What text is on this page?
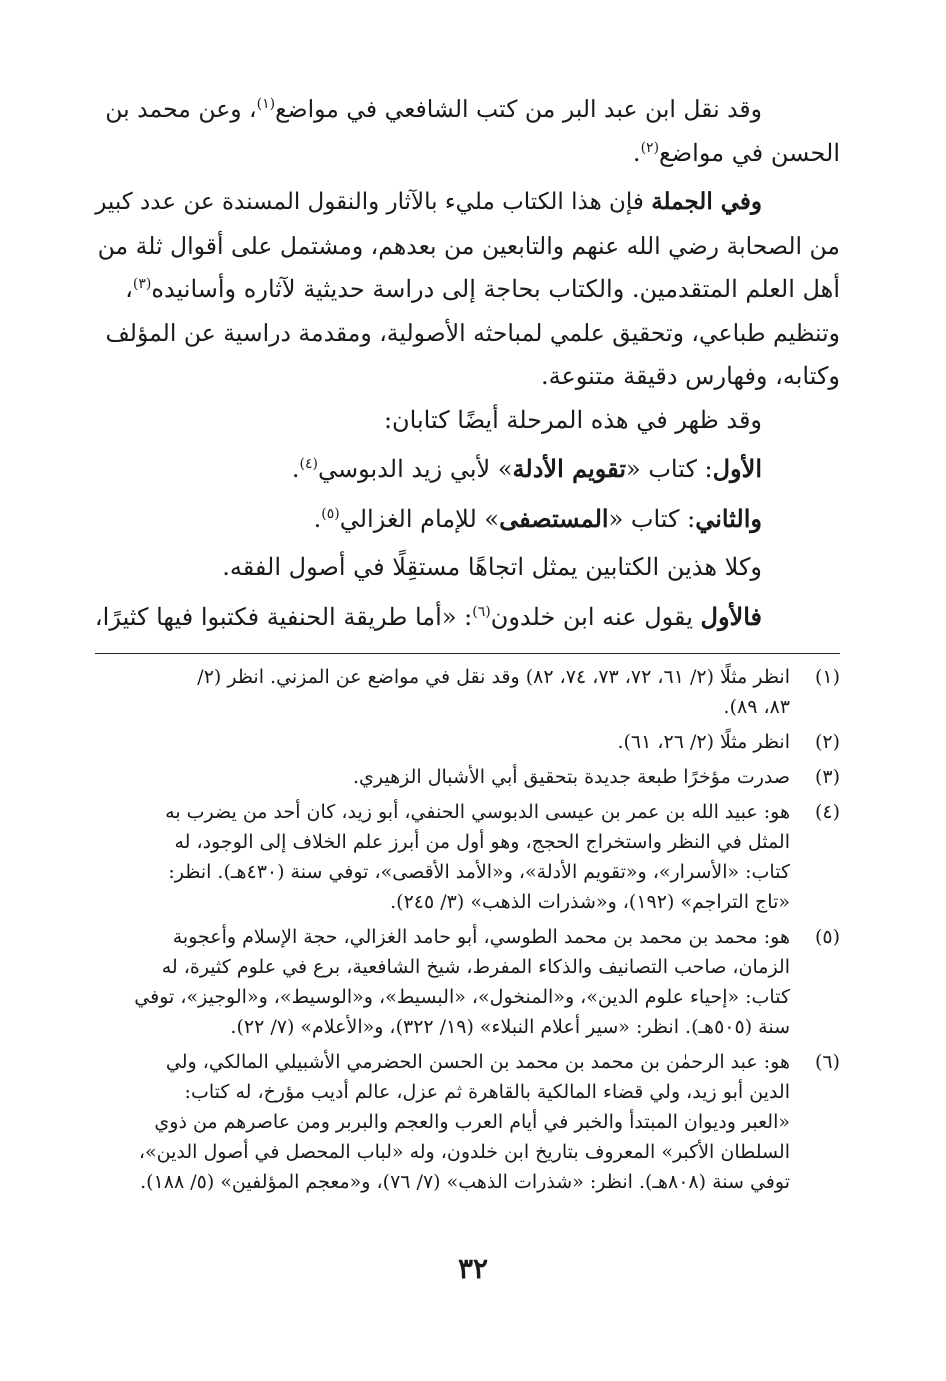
وقد نقل ابن عبد البر من كتب الشافعي في مواضع$^{(١)}$، وعن محمد بن
الحسن في مواضع$^{(٢)}$.
وفي الجملة فإن هذا الكتاب مليء بالآثار والنقول المسندة عن عدد كبير
من الصحابة رضي الله عنهم والتابعين من بعدهم، ومشتمل على أقوال ثلة من
أهل العلم المتقدمين. والكتاب بحاجة إلى دراسة حديثية لآثاره وأسانيده$^{(٣)}$،
وتنظيم طباعي، وتحقيق علمي لمباحثه الأصولية، ومقدمة دراسية عن المؤلف
وكتابه، وفهارس دقيقة متنوعة.
وقد ظهر في هذه المرحلة أيضًا كتابان:
الأول: كتاب «تقويم الأدلة» لأبي زيد الدبوسي$^{(٤)}$.
والثاني: كتاب «المستصفى» للإمام الغزالي$^{(٥)}$.
وكلا هذين الكتابين يمثل اتجاهًا مستقِلًا في أصول الفقه.
فالأول يقول عنه ابن خلدون$^{(٦)}$: «أما طريقة الحنفية فكتبوا فيها كثيرًا،
(١)
انظر مثلًا (٢/ ٦١، ٧٢، ٧٣، ٧٤، ٨٢) وقد نقل في مواضع عن المزني. انظر (٢/
٨٣، ٨٩).
(٢)
انظر مثلًا (٢/ ٢٦، ٦١).
(٣)
صدرت مؤخرًا طبعة جديدة بتحقيق أبي الأشبال الزهيري.
(٤)
هو: عبيد الله بن عمر بن عيسى الدبوسي الحنفي، أبو زيد، كان أحد من يضرب به
المثل في النظر واستخراج الحجج، وهو أول من أبرز علم الخلاف إلى الوجود، له
كتاب: «الأسرار»، و«تقويم الأدلة»، و«الأمد الأقصى»، توفي سنة (٤٣٠هـ). انظر:
«تاج التراجم» (١٩٢)، و«شذرات الذهب» (٣/ ٢٤٥).
(٥)
هو: محمد بن محمد بن محمد الطوسي، أبو حامد الغزالي، حجة الإسلام وأعجوبة
الزمان، صاحب التصانيف والذكاء المفرط، شيخ الشافعية، برع في علوم كثيرة، له
كتاب: «إحياء علوم الدين»، و«المنخول»، «البسيط»، و«الوسيط»، و«الوجيز»، توفي
سنة (٥٠٥هـ). انظر: «سير أعلام النبلاء» (١٩/ ٣٢٢)، و«الأعلام» (٧/ ٢٢).
(٦)
هو: عبد الرحمٰن بن محمد بن محمد بن الحسن الحضرمي الأشبيلي المالكي، ولي
الدين أبو زيد، ولي قضاء المالكية بالقاهرة ثم عزل، عالم أديب مؤرخ، له كتاب:
«العبر وديوان المبتدأ والخبر في أيام العرب والعجم والبربر ومن عاصرهم من ذوي
السلطان الأكبر» المعروف بتاريخ ابن خلدون، وله «لباب المحصل في أصول الدين»،
توفي سنة (٨٠٨هـ). انظر: «شذرات الذهب» (٧/ ٧٦)، و«معجم المؤلفين» (٥/ ١٨٨).
٣٢
